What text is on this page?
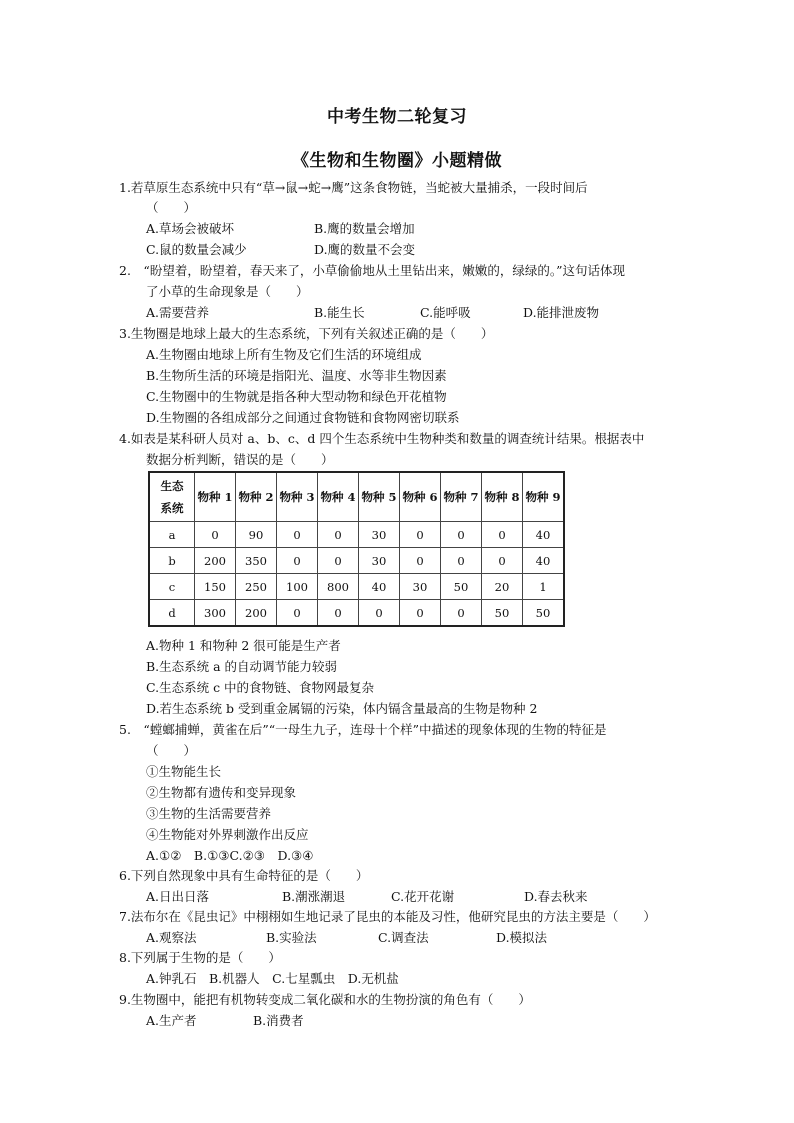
中考生物二轮复习
《生物和生物圈》小题精做
1.若草原生态系统中只有“草→鼠→蛇→鹰”这条食物链，当蛇被大量捕杀，一段时间后
（　　）
A.草场会被破坏	B.鹰的数量会增加
C.鼠的数量会减少	D.鹰的数量不会变
2.　“盼望着，盼望着，春天来了，小草偷偷地从土里钻出来，嫩嫩的，绿绿的。”这句话体现
了小草的生命现象是（　　）
A.需要营养	B.能生长	C.能呼吸	D.能排泄废物
3.生物圈是地球上最大的生态系统，下列有关叙述正确的是（　　）
A.生物圈由地球上所有生物及它们生活的环境组成
B.生物所生活的环境是指阳光、温度、水等非生物因素
C.生物圈中的生物就是指各种大型动物和绿色开花植物
D.生物圈的各组成部分之间通过食物链和食物网密切联系
4.如表是某科研人员对 a、b、c、d 四个生态系统中生物种类和数量的调查统计结果。根据表中
数据分析判断，错误的是（　　）
生态
系统	物种 1	物种 2	物种 3	物种 4	物种 5	物种 6	物种 7	物种 8	物种 9
a	0	90	0	0	30	0	0	0	40
b	200	350	0	0	30	0	0	0	40
c	150	250	100	800	40	30	50	20	1
d	300	200	0	0	0	0	0	50	50
A.物种 1 和物种 2 很可能是生产者
B.生态系统 a 的自动调节能力较弱
C.生态系统 c 中的食物链、食物网最复杂
D.若生态系统 b 受到重金属镉的污染，体内镉含量最高的生物是物种 2
5.　“螳螂捕蝉，黄雀在后”“一母生九子，连母十个样”中描述的现象体现的生物的特征是
（　　）
①生物能生长
②生物都有遗传和变异现象
③生物的生活需要营养
④生物能对外界刺激作出反应
A.①②　B.①③C.②③　D.③④
6.下列自然现象中具有生命特征的是（　　）
A.日出日落	B.潮涨潮退	C.花开花谢	D.春去秋来
7.法布尔在《昆虫记》中栩栩如生地记录了昆虫的本能及习性，他研究昆虫的方法主要是（　　）
A.观察法	B.实验法	C.调查法	D.模拟法
8.下列属于生物的是（　　）
A.钟乳石　B.机器人　C.七星瓢虫　D.无机盐
9.生物圈中，能把有机物转变成二氧化碳和水的生物扮演的角色有（　　）
A.生产者	B.消费者
